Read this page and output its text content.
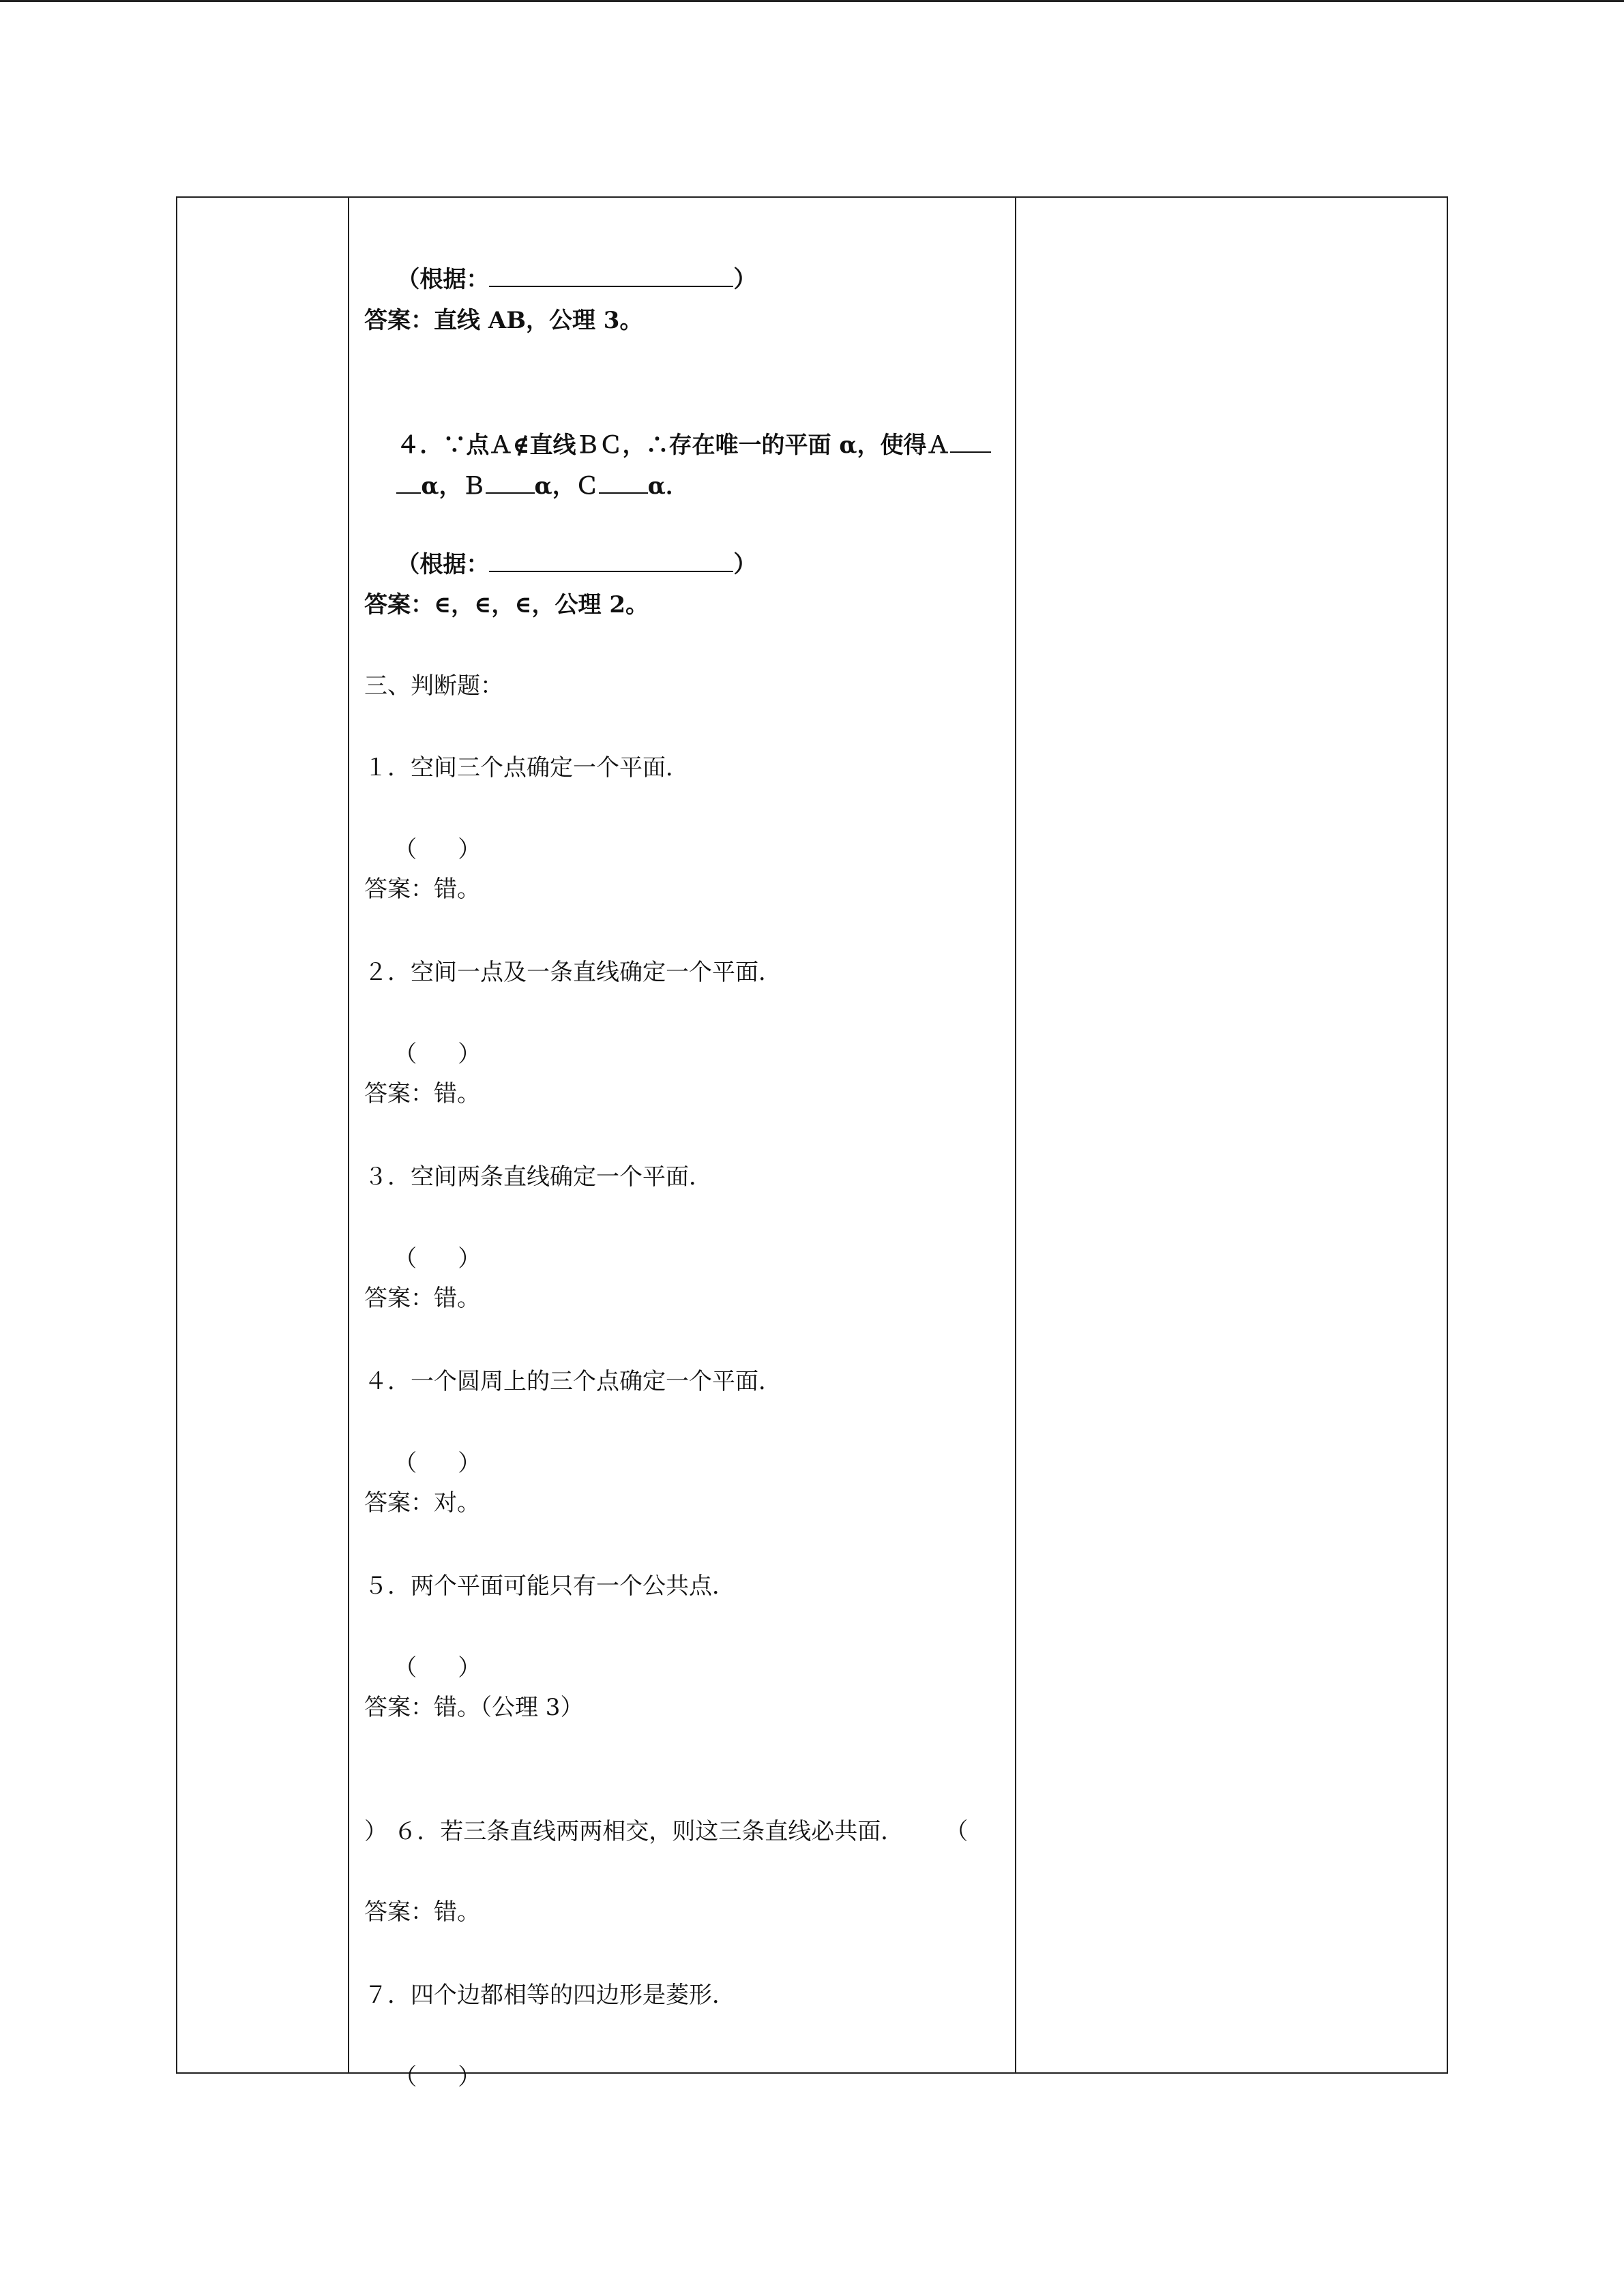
（根据：	）

答案：直线 AB，公理 3。

４．∵点Ａ∉直线ＢＣ，∴存在唯一的平面 α，使得Ａ

α，Ｂ α，Ｃ α．

（根据：	）

答案：∈，∈，∈，公理 2。
三、判断题：
１．空间三个点确定一个平面．

（ ）

答案：错。
２．空间一点及一条直线确定一个平面．

（ ）

答案：错。
３．空间两条直线确定一个平面．

（ ）

答案：错。
４．一个圆周上的三个点确定一个平面．

（ ）

答案：对。
５．两个平面可能只有一个公共点．

（ ）

答案：错。（公理 3）

６．若三条直线两两相交，则这三条直线必共面． （

）
答案：错。
７．四个边都相等的四边形是菱形．

（ ）
